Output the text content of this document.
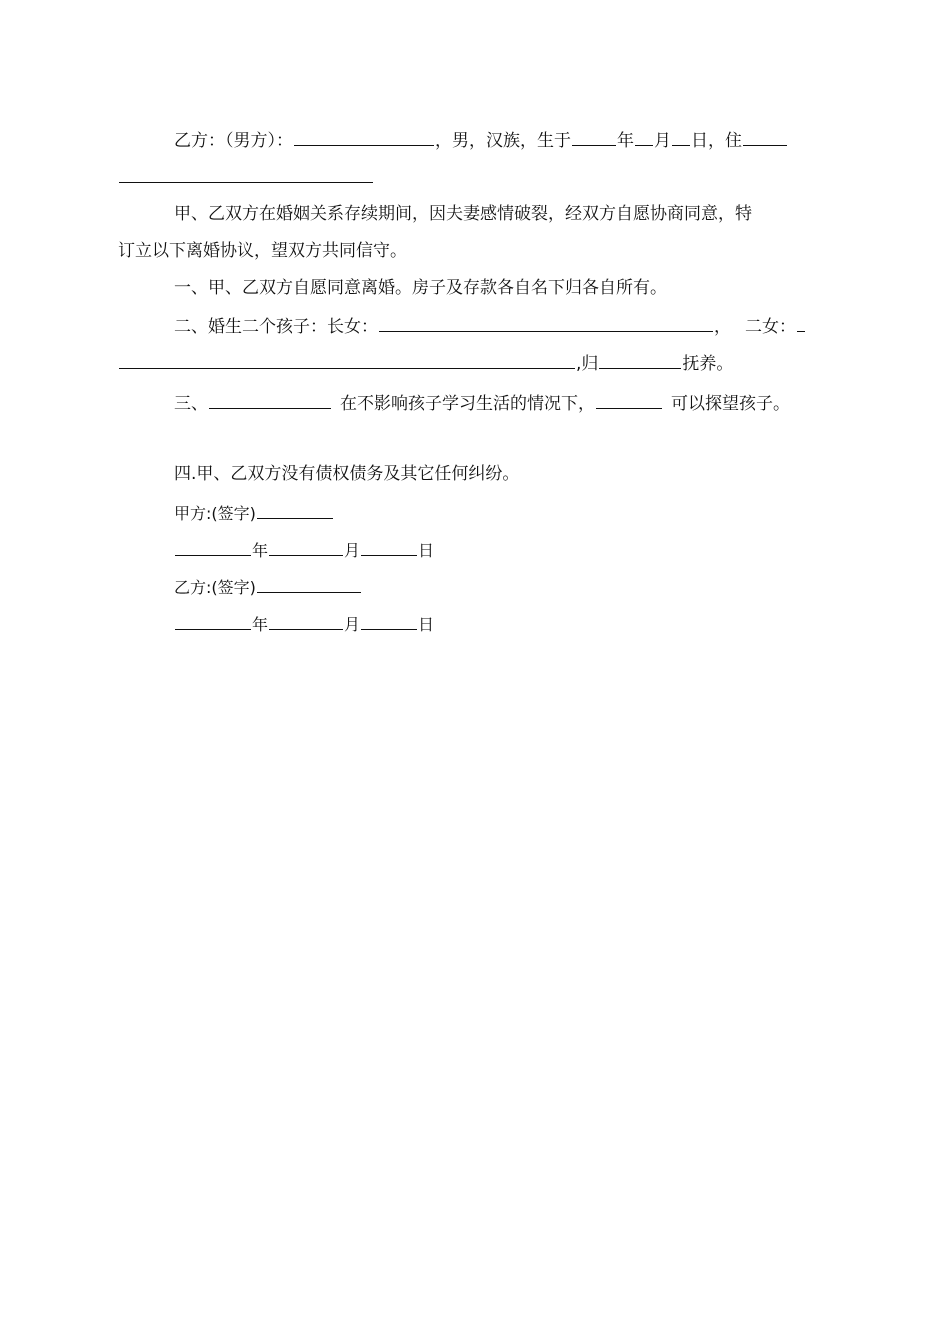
乙方：（男方）：	，男，汉族，生于	年 月 日，住
甲、乙双方在婚姻关系存续期间，因夫妻感情破裂，经双方自愿协商同意，特
订立以下离婚协议，望双方共同信守。
一、甲、乙双方自愿同意离婚。房子及存款各自名下归各自所有。
二、婚生二个孩子：长女：	， 二女：
,归	抚养。
三、	在不影响孩子学习生活的情况下，	可以探望孩子。
四.甲、乙双方没有债权债务及其它任何纠纷。
甲方:(签字)
年	月	日
乙方:(签字)
年	月	日
